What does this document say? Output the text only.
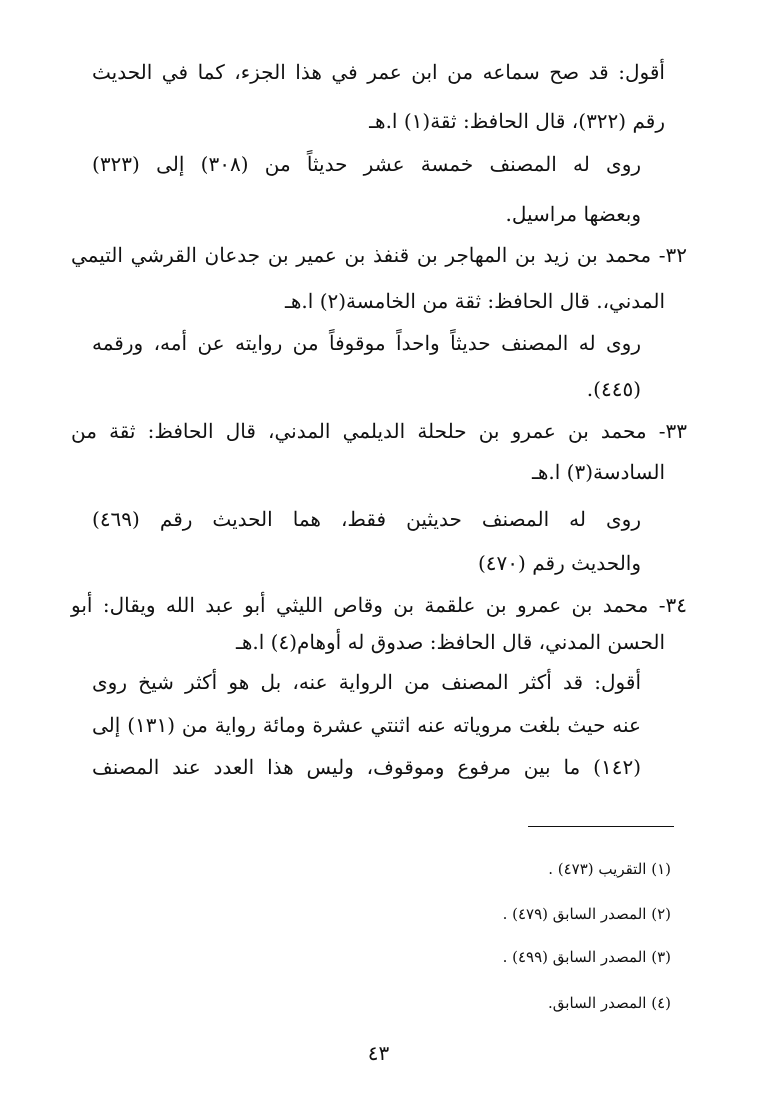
أقول: قد صح سماعه من ابن عمر في هذا الجزء، كما في الحديث
رقم (٣٢٢)، قال الحافظ: ثقة(١) ا.هـ
روى له المصنف خمسة عشر حديثاً من (٣٠٨) إلى (٣٢٣)
وبعضها مراسيل.
٣٢- محمد بن زيد بن المهاجر بن قنفذ بن عمير بن جدعان القرشي التيمي
المدني،. قال الحافظ: ثقة من الخامسة(٢) ا.هـ
روى له المصنف حديثاً واحداً موقوفاً من روايته عن أمه، ورقمه
(٤٤٥).
٣٣- محمد بن عمرو بن حلحلة الديلمي المدني، قال الحافظ: ثقة من
السادسة(٣) ا.هـ
روى له المصنف حديثين فقط، هما الحديث رقم (٤٦٩)
والحديث رقم (٤٧٠)
٣٤- محمد بن عمرو بن علقمة بن وقاص الليثي أبو عبد الله ويقال: أبو
الحسن المدني، قال الحافظ: صدوق له أوهام(٤) ا.هـ
أقول: قد أكثر المصنف من الرواية عنه، بل هو أكثر شيخ روى
عنه حيث بلغت مروياته عنه اثنتي عشرة ومائة رواية من (١٣١) إلى
(١٤٢) ما بين مرفوع وموقوف، وليس هذا العدد عند المصنف
(١) التقريب (٤٧٣) .
(٢) المصدر السابق (٤٧٩) .
(٣) المصدر السابق (٤٩٩) .
(٤) المصدر السابق.
٤٣
